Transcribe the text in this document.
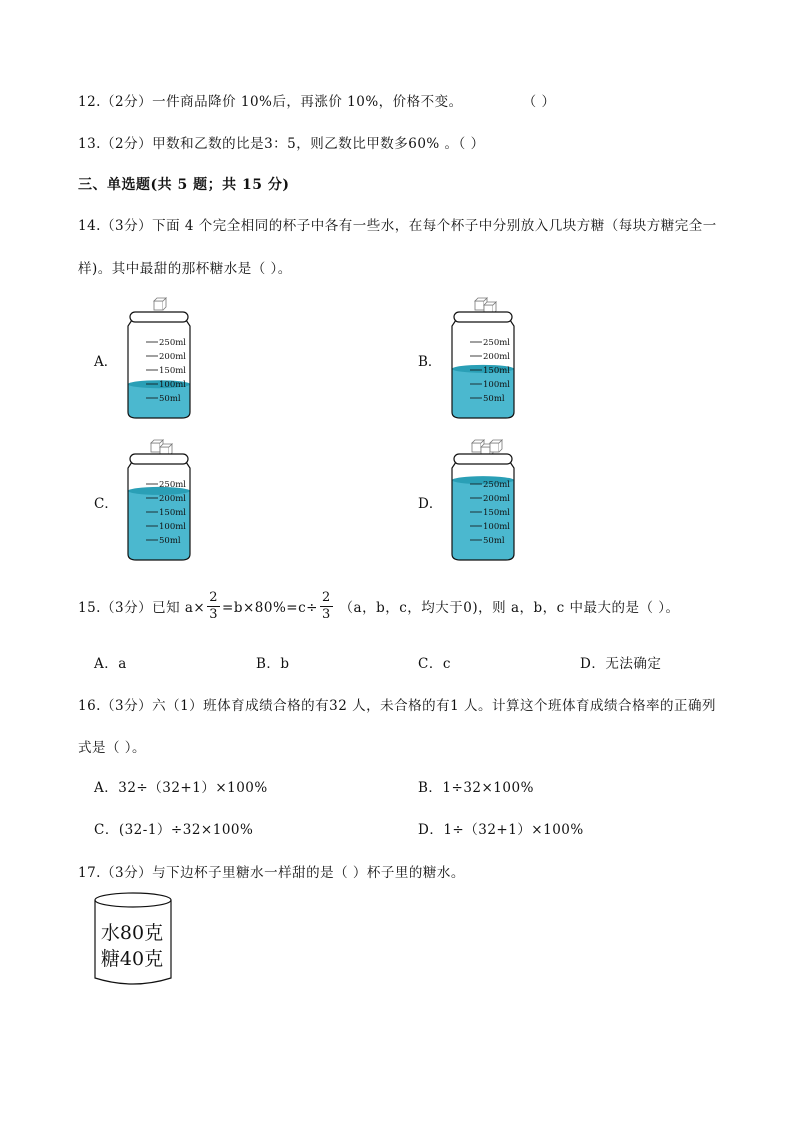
12.（2分）一件商品降价 10%后，再涨价 10%，价格不变。	（ ）
13.（2分）甲数和乙数的比是3：5，则乙数比甲数多60% 。（ ）
三、单选题(共 5 题；共 15 分)
14.（3分）下面 4 个完全相同的杯子中各有一些水，在每个杯子中分别放入几块方糖（每块方糖完全一
样)。其中最甜的那杯糖水是（ ）。
A．
250ml
200ml
150ml
100ml
50ml
B．
250ml
200ml
150ml
100ml
50ml
C．
250ml
200ml
150ml
100ml
50ml
D．
250ml
200ml
150ml
100ml
50ml
15.（3分）已知 $a\times \frac{2}{3} =b\times 80\%=c\div \frac{2}{3} (a$，b，c，均大于0)，则 a，b，c 中最大的是（ ）。
A．a	B．b	C．c	D．无法确定
16.（3分）六（1）班体育成绩合格的有32 人，未合格的有1 人。计算这个班体育成绩合格率的正确列
式是（ ）。
A．32÷（32+1）×100%	B．1÷32×100%
C．(32-1）÷32×100%	D．1÷（32+1）×100%
17.（3分）与下边杯子里糖水一样甜的是（ ）杯子里的糖水。
水80克
糖40克
